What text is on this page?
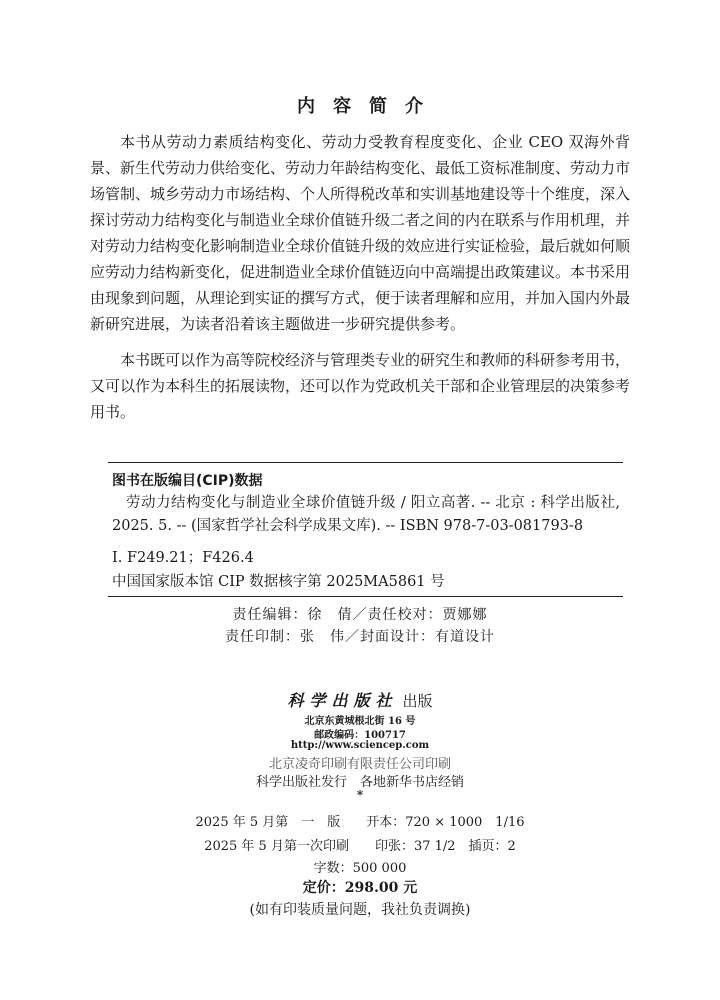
内容简介

本书从劳动力素质结构变化、劳动力受教育程度变化、企业 CEO 双海外背景、新生代劳动力供给变化、劳动力年龄结构变化、最低工资标准制度、劳动力市场管制、城乡劳动力市场结构、个人所得税改革和实训基地建设等十个维度，深入探讨劳动力结构变化与制造业全球价值链升级二者之间的内在联系与作用机理，并对劳动力结构变化影响制造业全球价值链升级的效应进行实证检验，最后就如何顺应劳动力结构新变化，促进制造业全球价值链迈向中高端提出政策建议。本书采用由现象到问题，从理论到实证的撰写方式，便于读者理解和应用，并加入国内外最新研究进展，为读者沿着该主题做进一步研究提供参考。

本书既可以作为高等院校经济与管理类专业的研究生和教师的科研参考用书，又可以作为本科生的拓展读物，还可以作为党政机关干部和企业管理层的决策参考用书。

图书在版编目(CIP)数据
劳动力结构变化与制造业全球价值链升级 / 阳立高著. -- 北京 : 科学出版社, 2025. 5. -- (国家哲学社会科学成果文库). -- ISBN 978-7-03-081793-8
Ⅰ. F249.21；F426.4
中国国家版本馆 CIP 数据核字第 2025MA5861 号
责任编辑：徐　倩／责任校对：贾娜娜
责任印制：张　伟／封面设计：有道设计
科学出版社 出版
北京东黄城根北街 16 号
邮政编码：100717
http://www.sciencep.com
北京凌奇印刷有限责任公司印刷
科学出版社发行　各地新华书店经销
*
2025 年 5 月第　一　版　　开本：720 × 1000　1/16
2025 年 5 月第一次印刷　　印张：37 1/2　插页：2
字数：500 000
定价：298.00 元
(如有印装质量问题，我社负责调换)
